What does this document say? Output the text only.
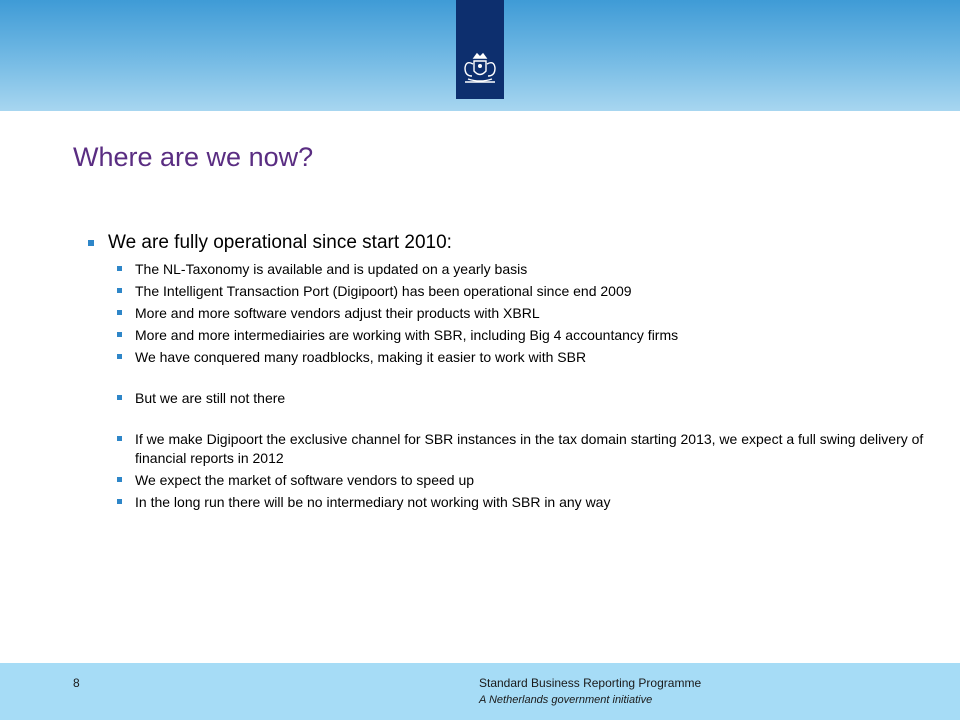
Where are we now?
We are fully operational since start 2010:
The NL-Taxonomy is available and is updated on a yearly basis
The Intelligent Transaction Port (Digipoort) has been operational since end 2009
More and more software vendors adjust their products with XBRL
More and more intermediairies are working with SBR, including Big 4 accountancy firms
We have conquered many roadblocks, making it easier to work with SBR
But we are still not there
If we make Digipoort the exclusive channel for SBR instances in the tax domain starting 2013, we expect a full swing delivery of financial reports in 2012
We expect the market of software vendors to speed up
In the long run there will be no intermediary not working with SBR in any way
8	Standard Business Reporting Programme
A Netherlands government initiative
